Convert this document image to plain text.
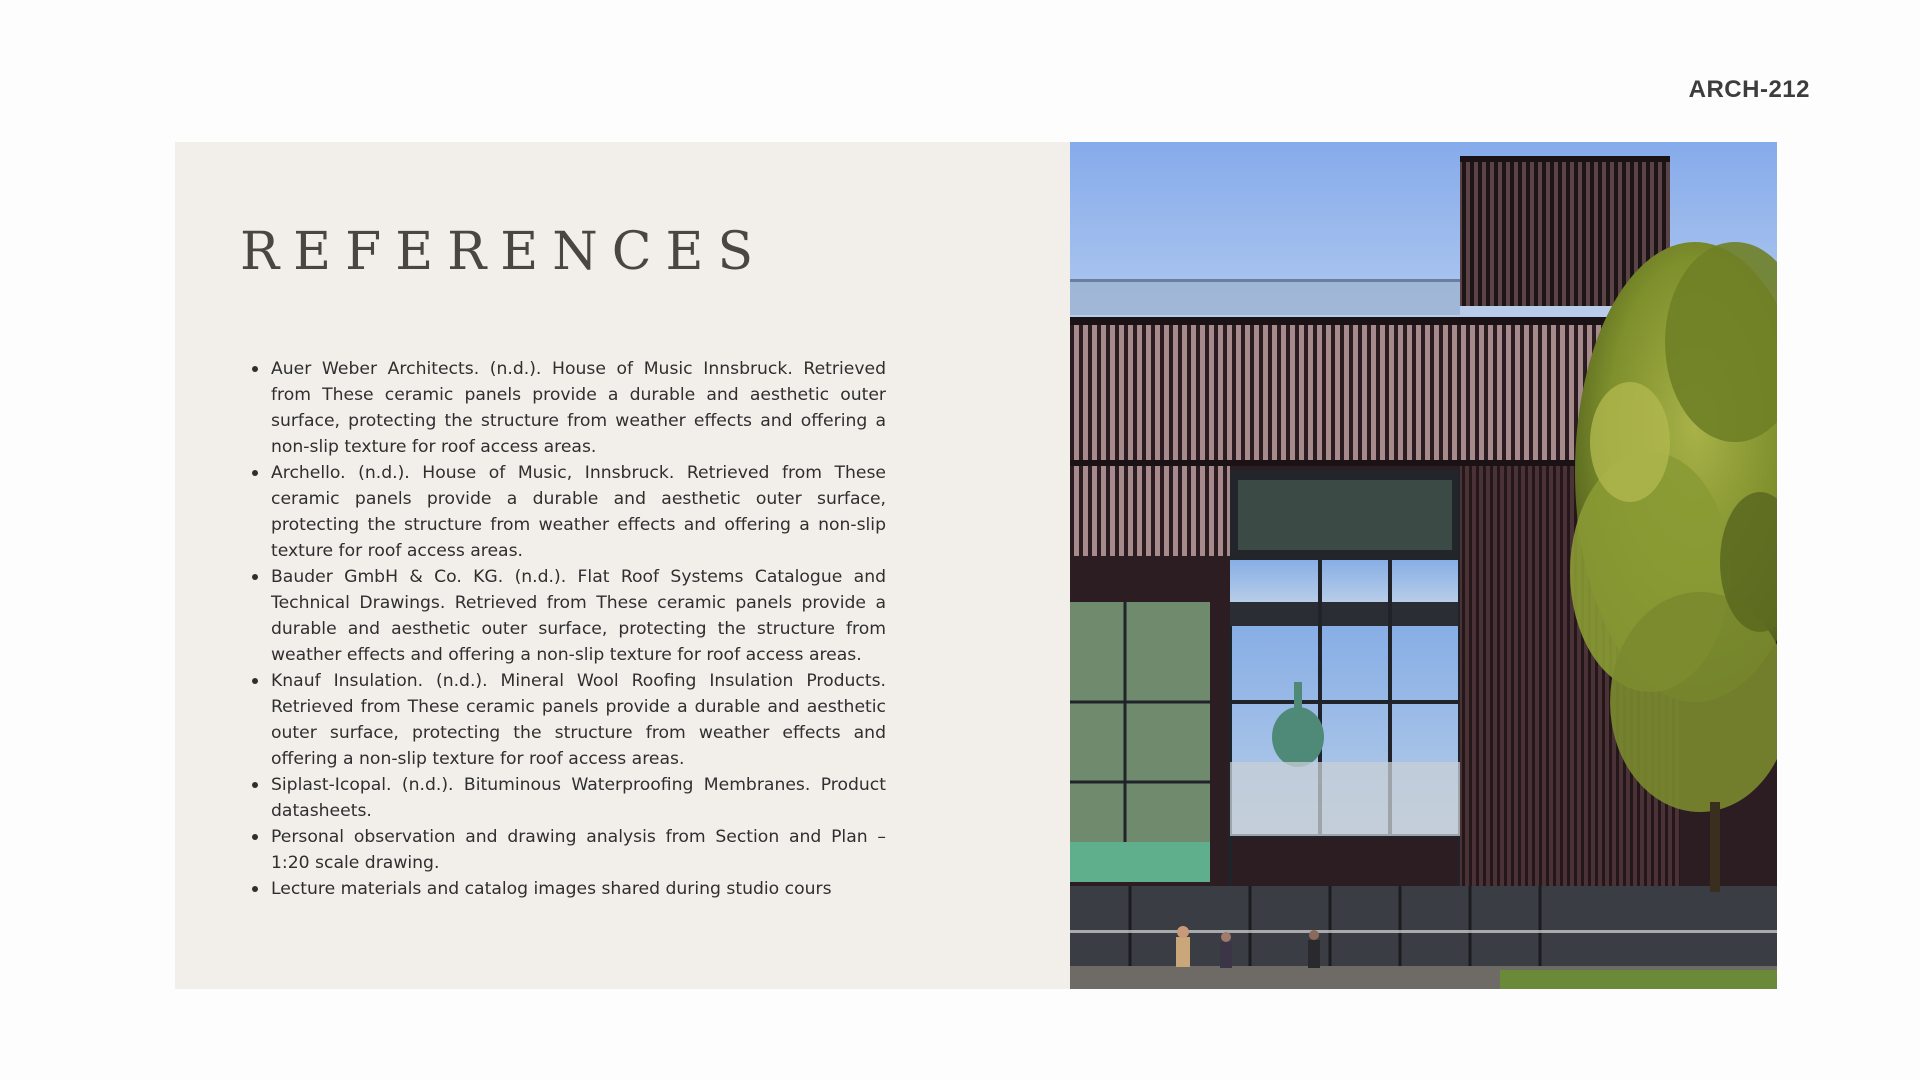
ARCH-212
REFERENCES
Auer Weber Architects. (n.d.). House of Music Innsbruck. Retrieved from These ceramic panels provide a durable and aesthetic outer surface, protecting the structure from weather effects and offering a non-slip texture for roof access areas.
Archello. (n.d.). House of Music, Innsbruck. Retrieved from These ceramic panels provide a durable and aesthetic outer surface, protecting the structure from weather effects and offering a non-slip texture for roof access areas.
Bauder GmbH & Co. KG. (n.d.). Flat Roof Systems Catalogue and Technical Drawings. Retrieved from These ceramic panels provide a durable and aesthetic outer surface, protecting the structure from weather effects and offering a non-slip texture for roof access areas.
Knauf Insulation. (n.d.). Mineral Wool Roofing Insulation Products. Retrieved from These ceramic panels provide a durable and aesthetic outer surface, protecting the structure from weather effects and offering a non-slip texture for roof access areas.
Siplast-Icopal. (n.d.). Bituminous Waterproofing Membranes. Product datasheets.
Personal observation and drawing analysis from Section and Plan – 1:20 scale drawing.
Lecture materials and catalog images shared during studio cours
